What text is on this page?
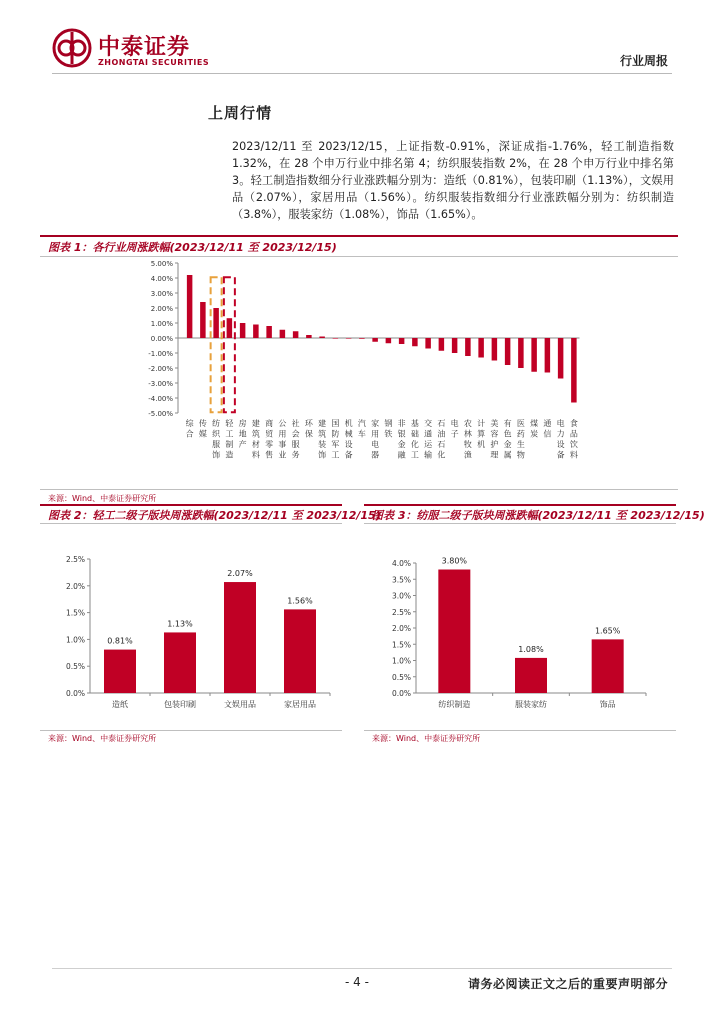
中泰证券
ZHONGTAI SECURITIES	行业周报
上周行情
2023/12/11 至 2023/12/15，上证指数-0.91%，深证成指-1.76%，轻工制造指数 1.32%，在 28 个申万行业中排名第 4；纺织服装指数 2%，在 28 个申万行业中排名第 3。轻工制造指数细分行业涨跌幅分别为：造纸（0.81%），包装印刷（1.13%），文娱用品（2.07%），家居用品（1.56%）。纺织服装指数细分行业涨跌幅分别为：纺织制造（3.8%），服装家纺（1.08%），饰品（1.65%）。
图表 1：各行业周涨跌幅(2023/12/11 至 2023/12/15)
5.00%
4.00%
3.00%
2.00%
1.00%
0.00%
-1.00%
-2.00%
-3.00%
-4.00%
-5.00%
综合
传媒
纺织服饰
轻工制造
房地产
建筑材料
商贸零售
公用事业
社会服务
环保
建筑装饰
国防军工
机械设备
汽车
家用电器
钢铁
非银金融
基础化工
交通运输
石油石化
电子
农林牧渔
计算机
美容护理
有色金属
医药生物
煤炭
通信
电力设备
食品饮料
来源：Wind、中泰证券研究所
图表 2：轻工二级子版块周涨跌幅(2023/12/11 至 2023/12/15)
2.5%
2.0%
1.5%
1.0%
0.5%
0.0%
0.81%
造纸
1.13%
包装印刷
2.07%
文娱用品
1.56%
家居用品
来源：Wind、中泰证券研究所
图表 3：纺服二级子版块周涨跌幅(2023/12/11 至 2023/12/15)
4.0%
3.5%
3.0%
2.5%
2.0%
1.5%
1.0%
0.5%
0.0%
3.80%
纺织制造
1.08%
服装家纺
1.65%
饰品
来源：Wind、中泰证券研究所
- 4 -	请务必阅读正文之后的重要声明部分
